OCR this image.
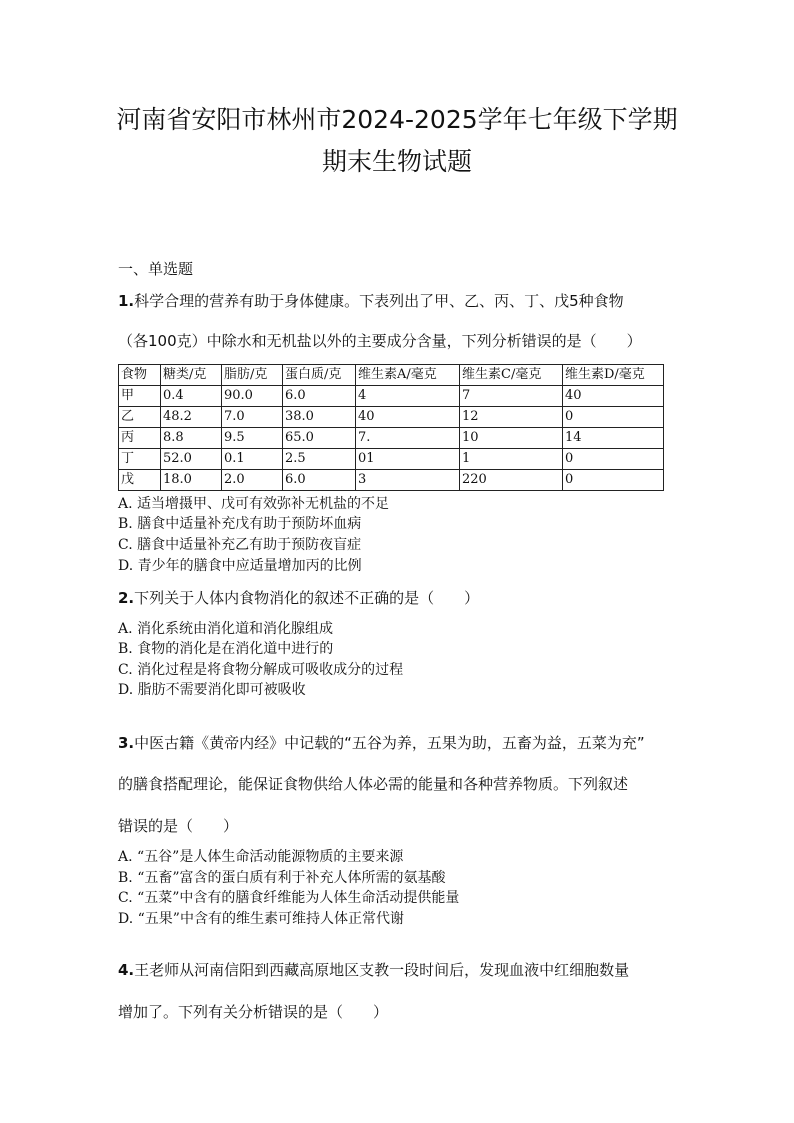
河南省安阳市林州市2024-2025学年七年级下学期
期末生物试题
一、单选题
1.科学合理的营养有助于身体健康。下表列出了甲、乙、丙、丁、戊5种食物
（各100克）中除水和无机盐以外的主要成分含量，下列分析错误的是（　　）
食物	糖类/克	脂肪/克	蛋白质/克	维生素A/毫克	维生素C/毫克	维生素D/毫克
甲	0.4	90.0	6.0	4	7	40
乙	48.2	7.0	38.0	40	12	0
丙	8.8	9.5	65.0	7.	10	14
丁	52.0	0.1	2.5	01	1	0
戊	18.0	2.0	6.0	3	220	0
A. 适当增摄甲、戊可有效弥补无机盐的不足
B. 膳食中适量补充戊有助于预防坏血病
C. 膳食中适量补充乙有助于预防夜盲症
D. 青少年的膳食中应适量增加丙的比例
2.下列关于人体内食物消化的叙述不正确的是（　　）
A. 消化系统由消化道和消化腺组成
B. 食物的消化是在消化道中进行的
C. 消化过程是将食物分解成可吸收成分的过程
D. 脂肪不需要消化即可被吸收
3.中医古籍《黄帝内经》中记载的“五谷为养，五果为助，五畜为益，五菜为充”
的膳食搭配理论，能保证食物供给人体必需的能量和各种营养物质。下列叙述
错误的是（　　）
A. “五谷”是人体生命活动能源物质的主要来源
B. “五畜”富含的蛋白质有利于补充人体所需的氨基酸
C. “五菜”中含有的膳食纤维能为人体生命活动提供能量
D. “五果”中含有的维生素可维持人体正常代谢
4.王老师从河南信阳到西藏高原地区支教一段时间后，发现血液中红细胞数量
增加了。下列有关分析错误的是（　　）
